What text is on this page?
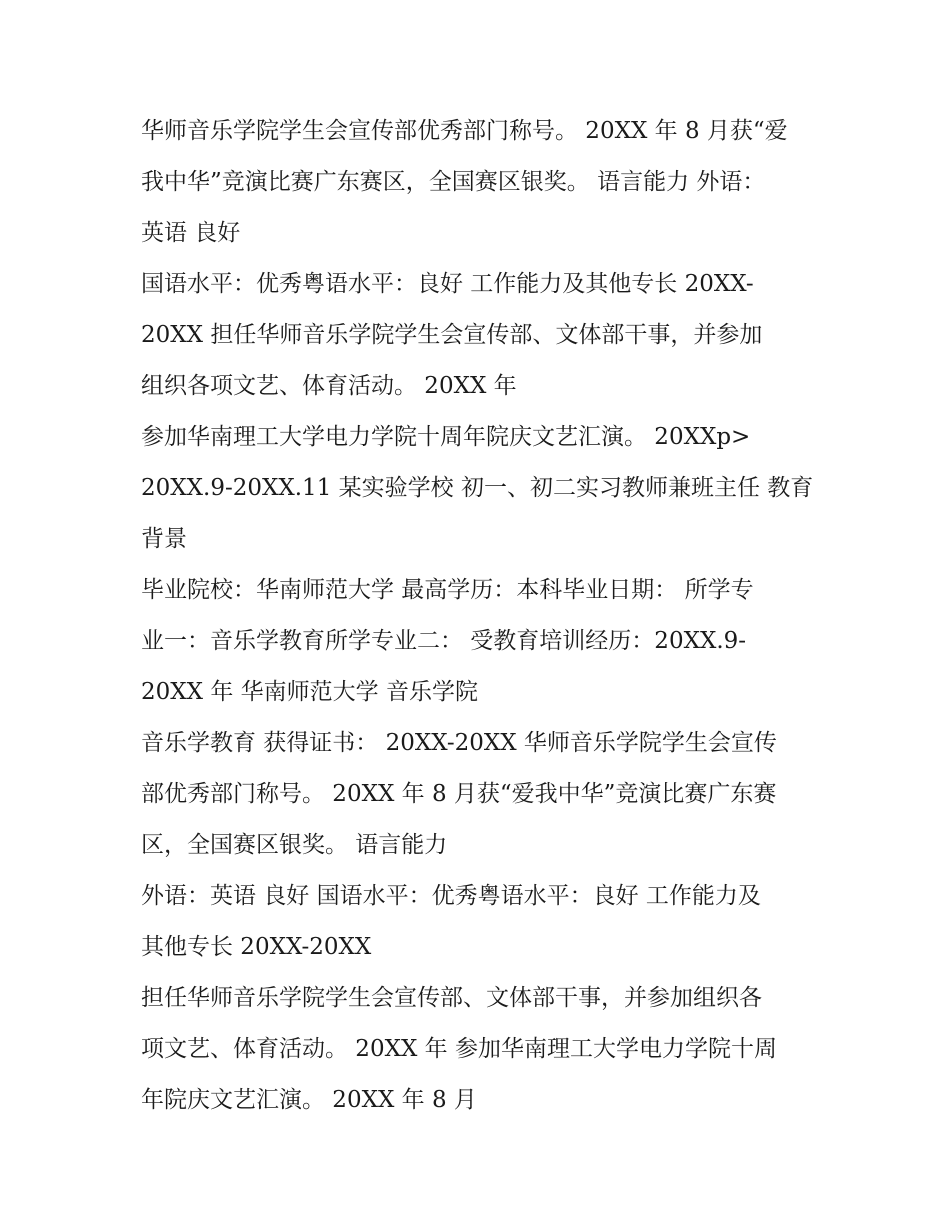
华师音乐学院学生会宣传部优秀部门称号。 20XX 年 8 月获“爱
我中华”竞演比赛广东赛区，全国赛区银奖。 语言能力 外语：
英语 良好
国语水平：优秀粤语水平：良好 工作能力及其他专长 20XX-
20XX 担任华师音乐学院学生会宣传部、文体部干事，并参加
组织各项文艺、体育活动。 20XX 年
参加华南理工大学电力学院十周年院庆文艺汇演。 20XXp>
20XX.9-20XX.11 某实验学校 初一、初二实习教师兼班主任 教育
背景
毕业院校：华南师范大学 最高学历：本科毕业日期： 所学专
业一：音乐学教育所学专业二： 受教育培训经历：20XX.9-
20XX 年 华南师范大学 音乐学院
音乐学教育 获得证书： 20XX-20XX 华师音乐学院学生会宣传
部优秀部门称号。 20XX 年 8 月获“爱我中华”竞演比赛广东赛
区，全国赛区银奖。 语言能力
外语：英语 良好 国语水平：优秀粤语水平：良好 工作能力及
其他专长 20XX-20XX
担任华师音乐学院学生会宣传部、文体部干事，并参加组织各
项文艺、体育活动。 20XX 年 参加华南理工大学电力学院十周
年院庆文艺汇演。 20XX 年 8 月
